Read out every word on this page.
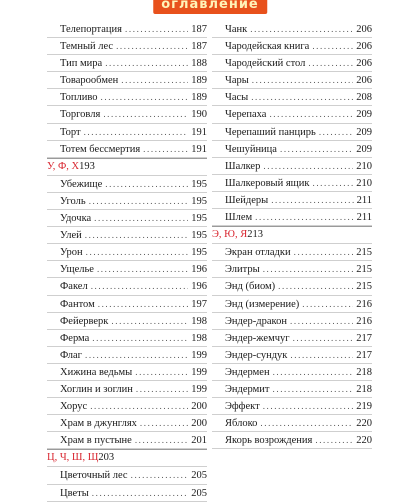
оглавление
Телепортация .....	187
Темный лес .....	187
Тип мира .....	188
Товарообмен .....	189
Топливо .....	189
Торговля .....	190
Торт .....	191
Тотем бессмертия .....	191
У, Ф, Х 193
Убежище .....	195
Уголь .....	195
Удочка .....	195
Улей .....	195
Урон .....	195
Ущелье .....	196
Факел .....	196
Фантом .....	197
Фейерверк .....	198
Ферма .....	198
Флаг .....	199
Хижина ведьмы .....	199
Хоглин и зоглин .....	199
Хорус .....	200
Храм в джунглях .....	200
Храм в пустыне .....	201
Ц, Ч, Ш, Щ 203
Цветочный лес .....	205
Цветы .....	205
Чанк .....	206
Чародейская книга .....	206
Чародейский стол .....	206
Чары .....	206
Часы .....	208
Черепаха .....	209
Черепаший панцирь .....	209
Чешуйница .....	209
Шалкер .....	210
Шалкеровый ящик .....	210
Шейдеры .....	211
Шлем .....	211
Э, Ю, Я 213
Экран отладки .....	215
Элитры .....	215
Энд (биом) .....	215
Энд (измерение) .....	216
Эндер-дракон .....	216
Эндер-жемчуг .....	217
Эндер-сундук .....	217
Эндермен .....	218
Эндермит .....	218
Эффект .....	219
Яблоко .....	220
Якорь возрождения .....	220
